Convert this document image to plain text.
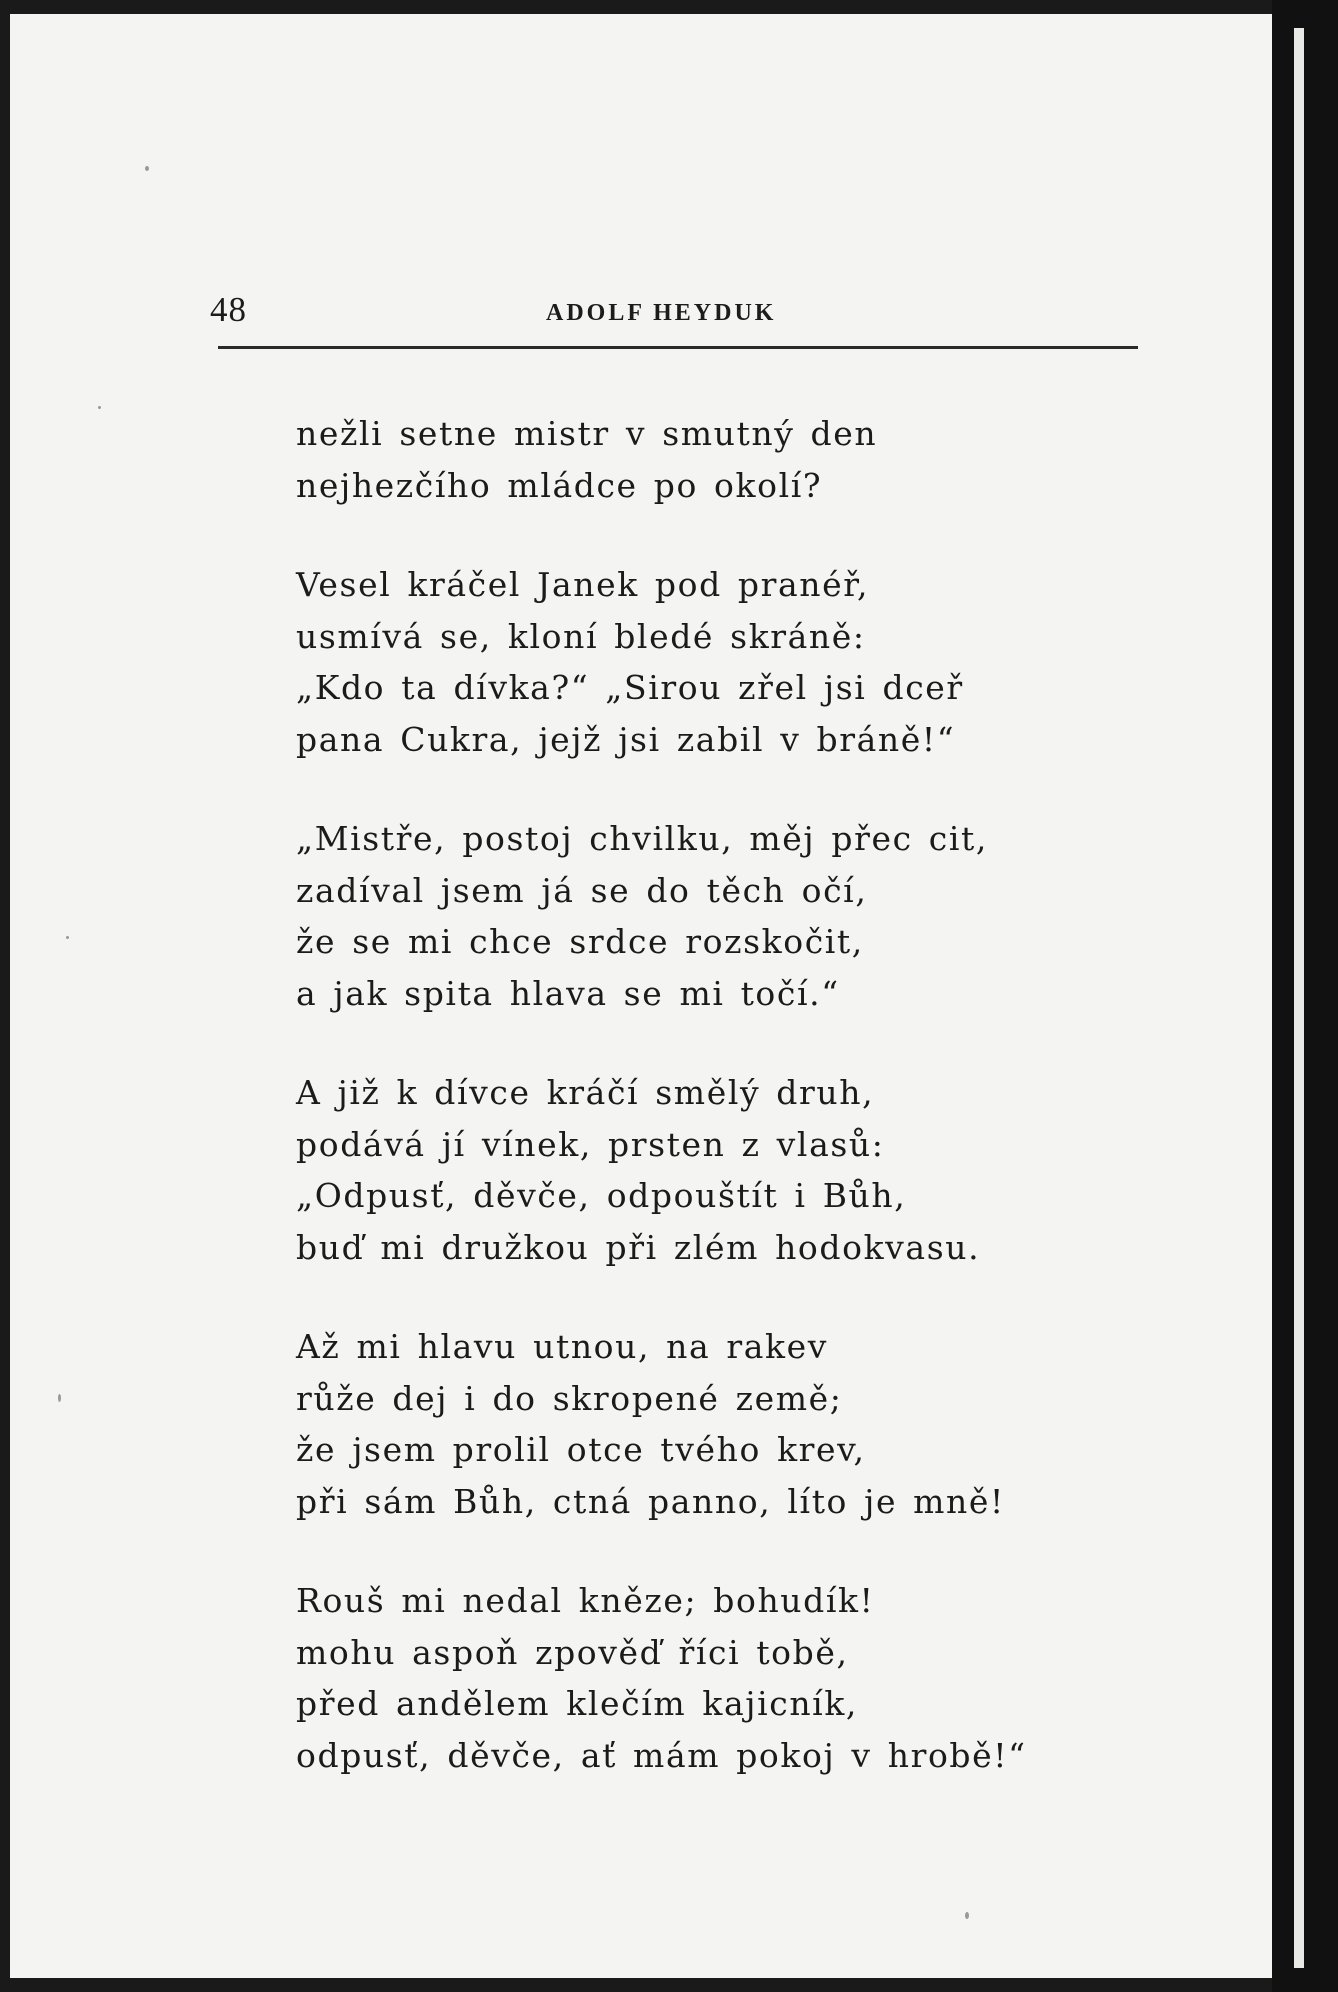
48	ADOLF HEYDUK
nežli setne mistr v smutný den
nejhezčího mládce po okolí?
Vesel kráčel Janek pod pranéř,
usmívá se, kloní bledé skráně:
„Kdo ta dívka?“ „Sirou zřel jsi dceř
pana Cukra, jejž jsi zabil v bráně!“
„Mistře, postoj chvilku, měj přec cit,
zadíval jsem já se do těch očí,
že se mi chce srdce rozskočit,
a jak spita hlava se mi točí.“
A již k dívce kráčí smělý druh,
podává jí vínek, prsten z vlasů:
„Odpusť, děvče, odpouštít i Bůh,
buď mi družkou při zlém hodokvasu.
Až mi hlavu utnou, na rakev
růže dej i do skropené země;
že jsem prolil otce tvého krev,
při sám Bůh, ctná panno, líto je mně!
Rouš mi nedal kněze; bohudík!
mohu aspoň zpověď říci tobě,
před andělem klečím kajicník,
odpusť, děvče, ať mám pokoj v hrobě!“
